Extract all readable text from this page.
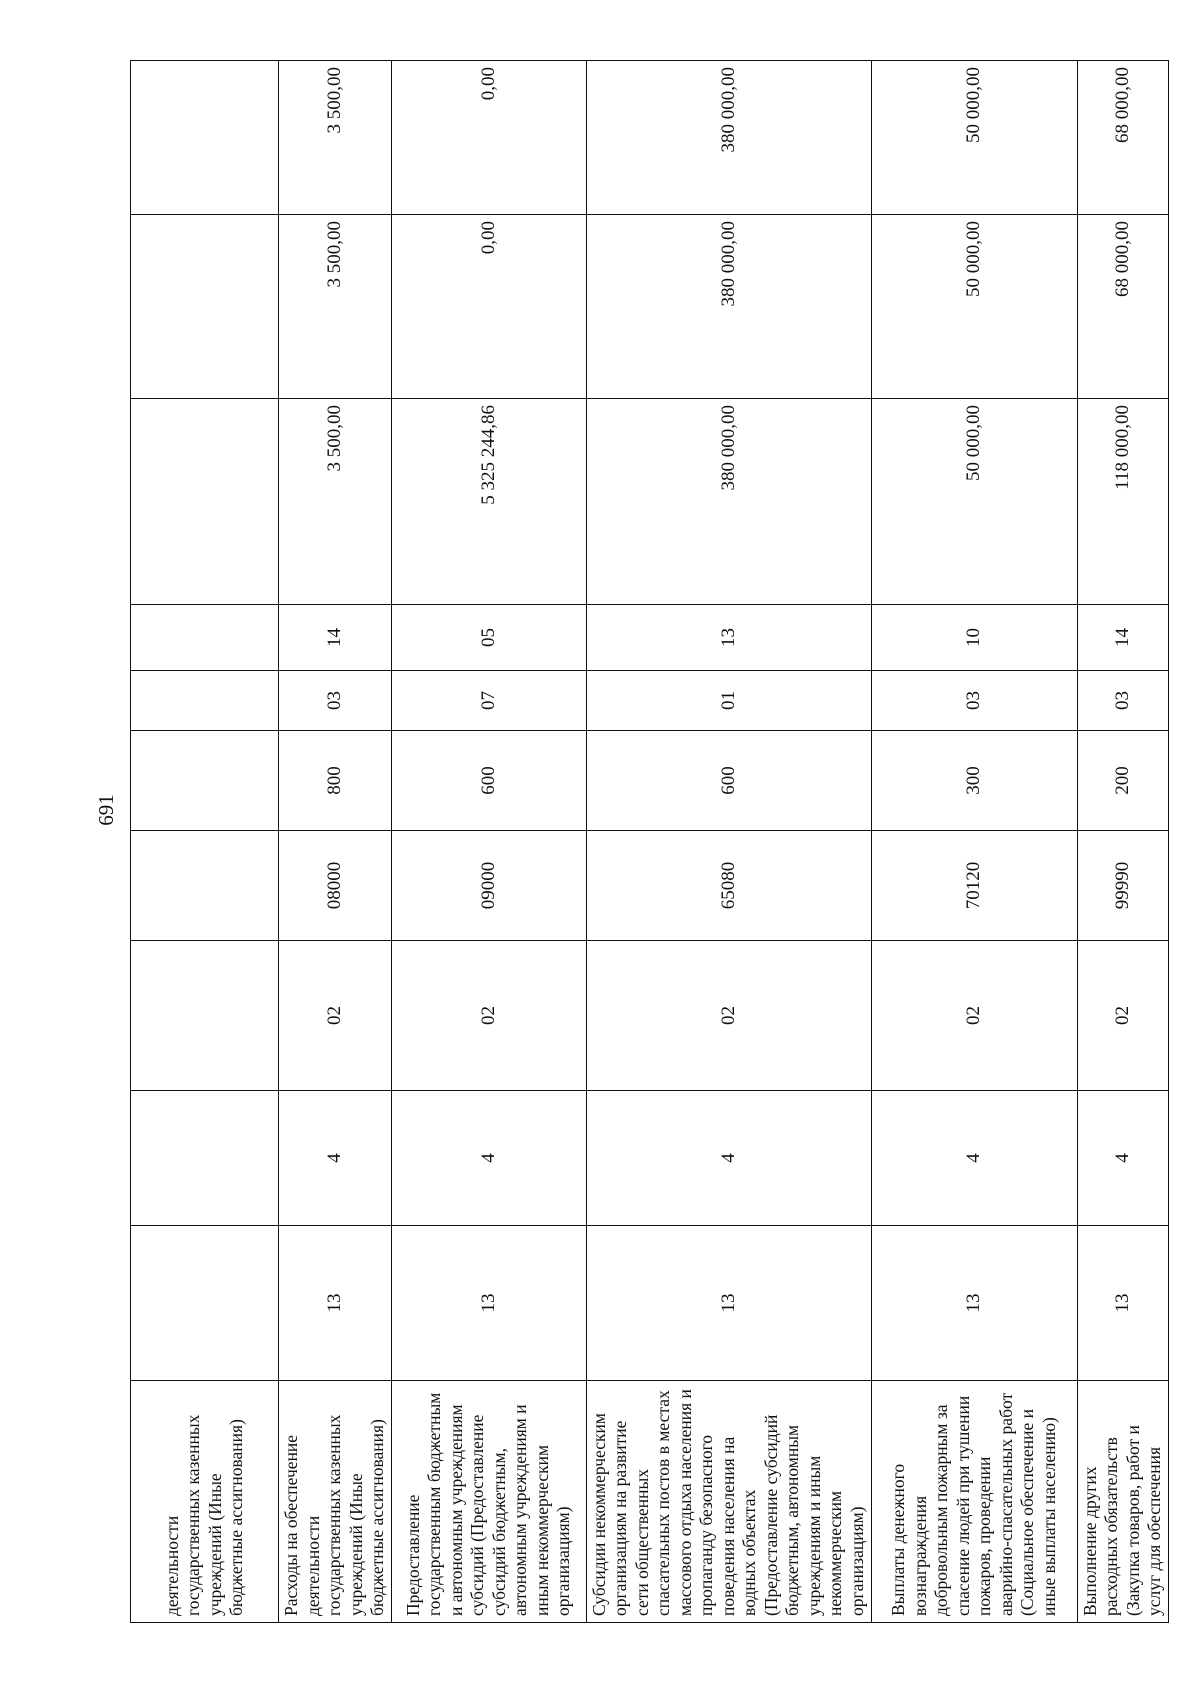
691
деятельности государственных казенных учреждений (Иные бюджетные ассигнования)										
Расходы на обеспечение деятельности государственных казенных учреждений (Иные бюджетные ассигнования)	13	4	02	08000	800	03	14	3 500,00	3 500,00	3 500,00
Предоставление государственным бюджетным и автономным учреждениям субсидий (Предоставление субсидий бюджетным, автономным учреждениям и иным некоммерческим организациям)	13	4	02	09000	600	07	05	5 325 244,86	0,00	0,00
Субсидии некоммерческим организациям на развитие сети общественных спасательных постов в местах массового отдыха населения и пропаганду безопасного поведения населения на водных объектах (Предоставление субсидий бюджетным, автономным учреждениям и иным некоммерческим организациям)	13	4	02	65080	600	01	13	380 000,00	380 000,00	380 000,00
Выплаты денежного вознаграждения добровольным пожарным за спасение людей при тушении пожаров, проведении аварийно-спасательных работ (Социальное обеспечение и иные выплаты населению)	13	4	02	70120	300	03	10	50 000,00	50 000,00	50 000,00
Выполнение других расходных обязательств (Закупка товаров, работ и услуг для обеспечения	13	4	02	99990	200	03	14	118 000,00	68 000,00	68 000,00
